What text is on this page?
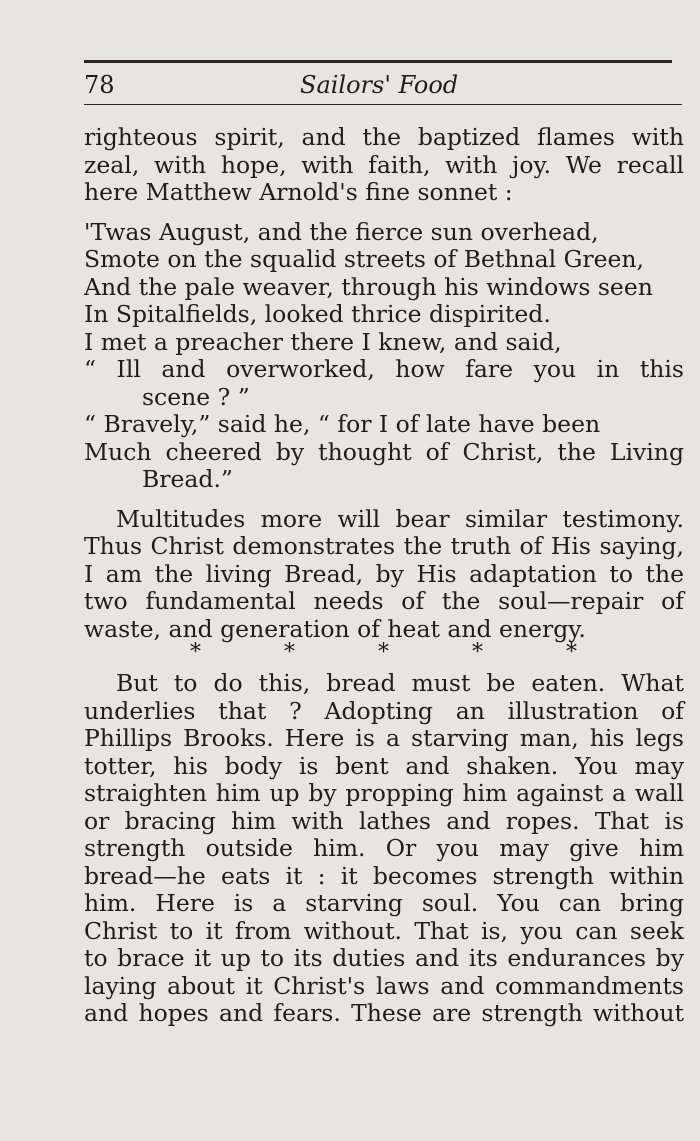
78	Sailors' Food
righteous spirit, and the baptized flames with
zeal, with hope, with faith, with joy. We recall
here Matthew Arnold's fine sonnet :
'Twas August, and the fierce sun overhead,
Smote on the squalid streets of Bethnal Green,
And the pale weaver, through his windows seen
In Spitalfields, looked thrice dispirited.
I met a preacher there I knew, and said,
“ Ill and overworked, how fare you in this
scene ? ”
“ Bravely,” said he, “ for I of late have been
Much cheered by thought of Christ, the Living
Bread.”
Multitudes more will bear similar testimony.
Thus Christ demonstrates the truth of His saying,
I am the living Bread, by His adaptation to the
two fundamental needs of the soul—repair of
waste, and generation of heat and energy.
*	*	*	*	*
But to do this, bread must be eaten. What
underlies that ? Adopting an illustration of
Phillips Brooks. Here is a starving man, his legs
totter, his body is bent and shaken. You may
straighten him up by propping him against a wall
or bracing him with lathes and ropes. That is
strength outside him. Or you may give him
bread—he eats it : it becomes strength within
him. Here is a starving soul. You can bring
Christ to it from without. That is, you can seek
to brace it up to its duties and its endurances by
laying about it Christ's laws and commandments
and hopes and fears. These are strength without
